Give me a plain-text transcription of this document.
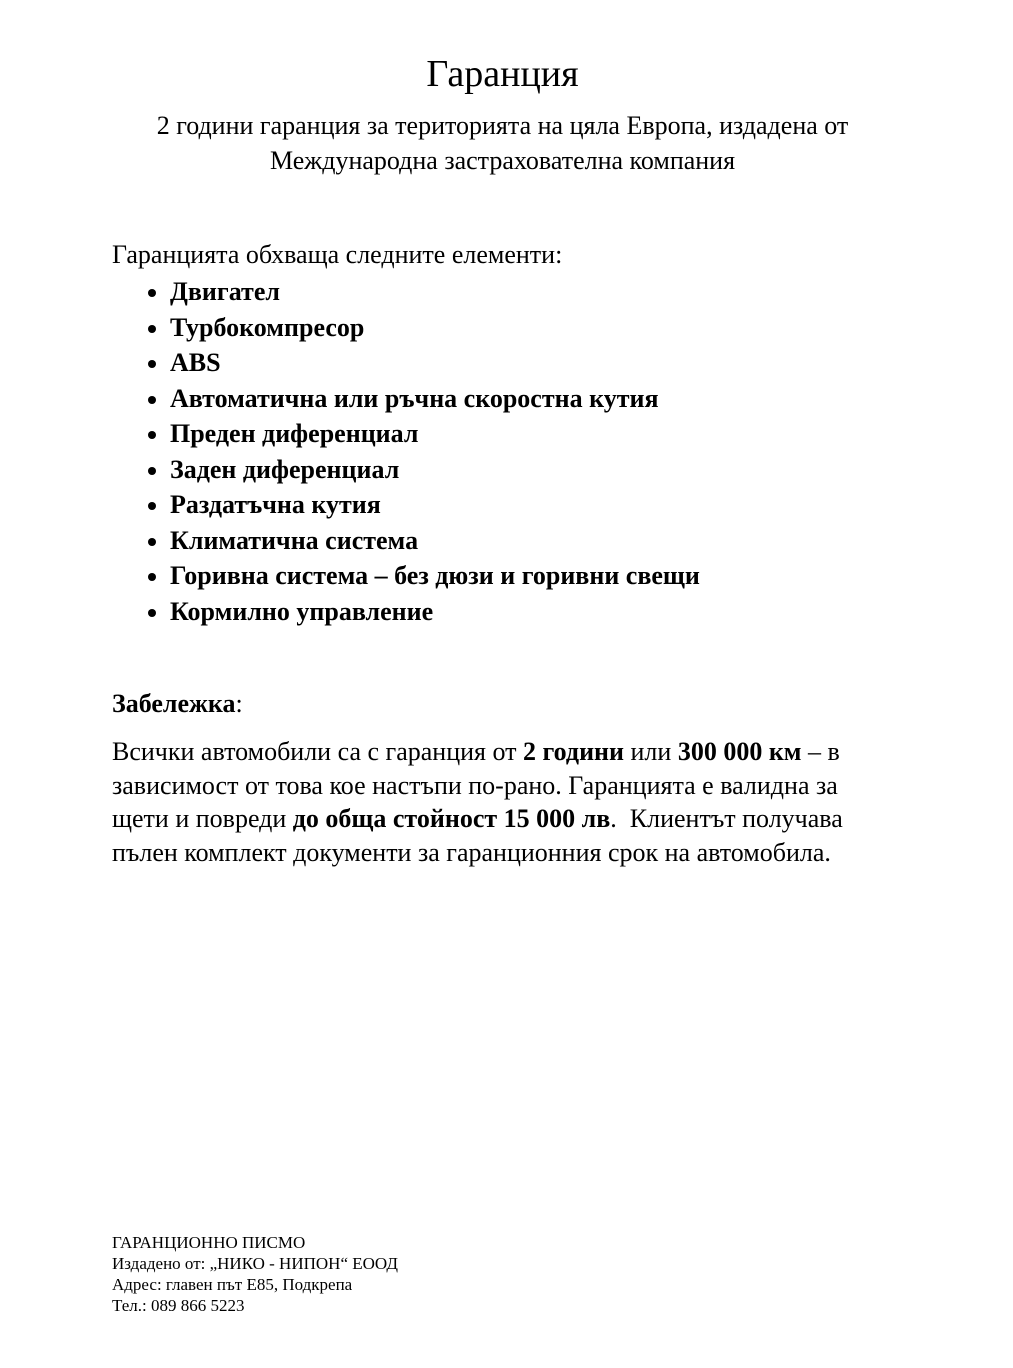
Гаранция

2 години гаранция за територията на цяла Европа, издадена от Международна застрахователна компания

Гаранцията обхваща следните елементи:

• Двигател
• Турбокомпресор
• ABS
• Автоматична или ръчна скоростна кутия
• Преден диференциал
• Заден диференциал
• Раздатъчна кутия
• Климатична система
• Горивна система – без дюзи и горивни свещи
• Кормилно управление

Забележка:

Всички автомобили са с гаранция от 2 години или 300 000 км – в зависимост от това кое настъпи по-рано. Гаранцията е валидна за щети и повреди до обща стойност 15 000 лв.  Клиентът получава пълен комплект документи за гаранционния срок на автомобила.

ГАРАНЦИОННО ПИСМО
Издадено от: „НИКО - НИПОН“ ЕООД
Адрес: главен път Е85, Подкрепа
Тел.: 089 866 5223
